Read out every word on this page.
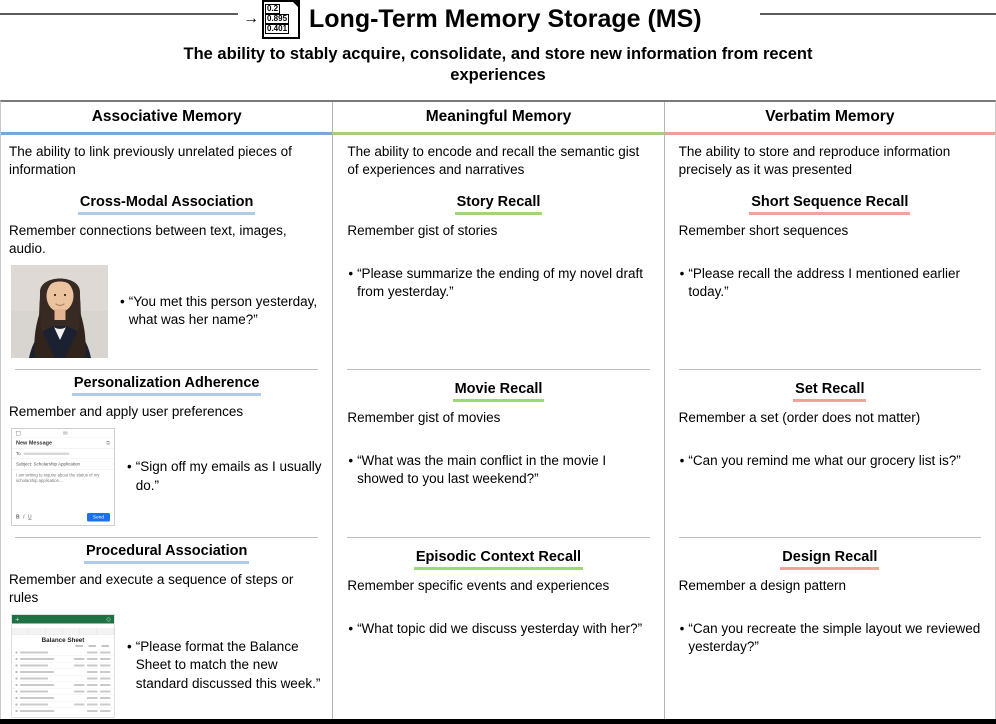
→
0.2
0.895
0.401 Long-Term Memory Storage (MS)
The ability to stably acquire, consolidate, and store new information from recent experiences
Associative Memory
The ability to link previously unrelated pieces of information
Cross-Modal Association
Remember connections between text, images, audio.
• “You met this person yesterday, what was her name?”
Personalization Adherence
Remember and apply user preferences
✉
New Message	⧉
To
Subject: Scholarship Application
I am writing to inquire about the status of my scholarship application...
B I U	Send
• “Sign off my emails as I usually do.”
Procedural Association
Remember and execute a sequence of steps or rules
Balance Sheet	• “Please format the Balance Sheet to match the new standard discussed this week.”
Meaningful Memory
The ability to encode and recall the semantic gist of experiences and narratives
Story Recall
Remember gist of stories
• “Please summarize the ending of my novel draft from yesterday.”
Movie Recall
Remember gist of movies
• “What was the main conflict in the movie I showed to you last weekend?”
Episodic Context Recall
Remember specific events and experiences
• “What topic did we discuss yesterday with her?”
Verbatim Memory
The ability to store and reproduce information precisely as it was presented
Short Sequence Recall
Remember short sequences
• “Please recall the address I mentioned earlier today.”
Set Recall
Remember a set (order does not matter)
• “Can you remind me what our grocery list is?”
Design Recall
Remember a design pattern
• “Can you recreate the simple layout we reviewed yesterday?”
